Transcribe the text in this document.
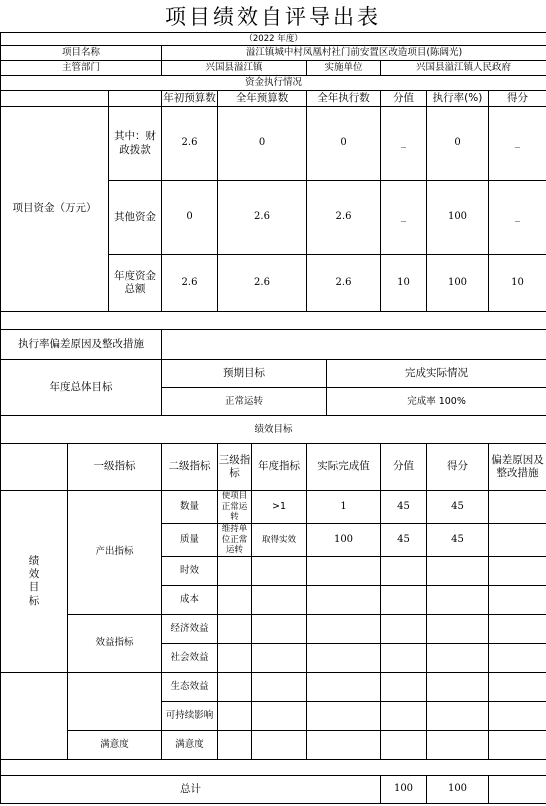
项目绩效自评导出表
（2022 年度）										
项目名称			溢江镇城中村凤凰村社门前安置区改造项目(陈阔光)							
主管部门			兴国县溢江镇			实施单位		兴国县溢江镇人民政府		
资金执行情况										
			年初预算数	全年预算数		全年执行数		分值	执行率(%)	得分
项目资金（万元）		其中：财政拨款	2.6	0		0		_	0	_
		其他资金	0	2.6		2.6		_	100	_
		年度资金总额	2.6	2.6		2.6		10	100	10

执行率偏差原因及整改措施										
年度总体目标			预期目标				完成实际情况			
			正常运转				完成率 100%			
绩效目标										
	一级指标		二级指标	三级指标	年度指标	实际完成值		分值	得分	偏差原因及整改措施
绩效目标	产出指标		数量	使项目正常运转	>1	1		45	45	
			质量	维持单位正常运转	取得实效	100		45	45	
			时效							
			成本							
	效益指标		经济效益							
			社会效益							
			生态效益							
			可持续影响							
	满意度		满意度							

总计								100	100	
